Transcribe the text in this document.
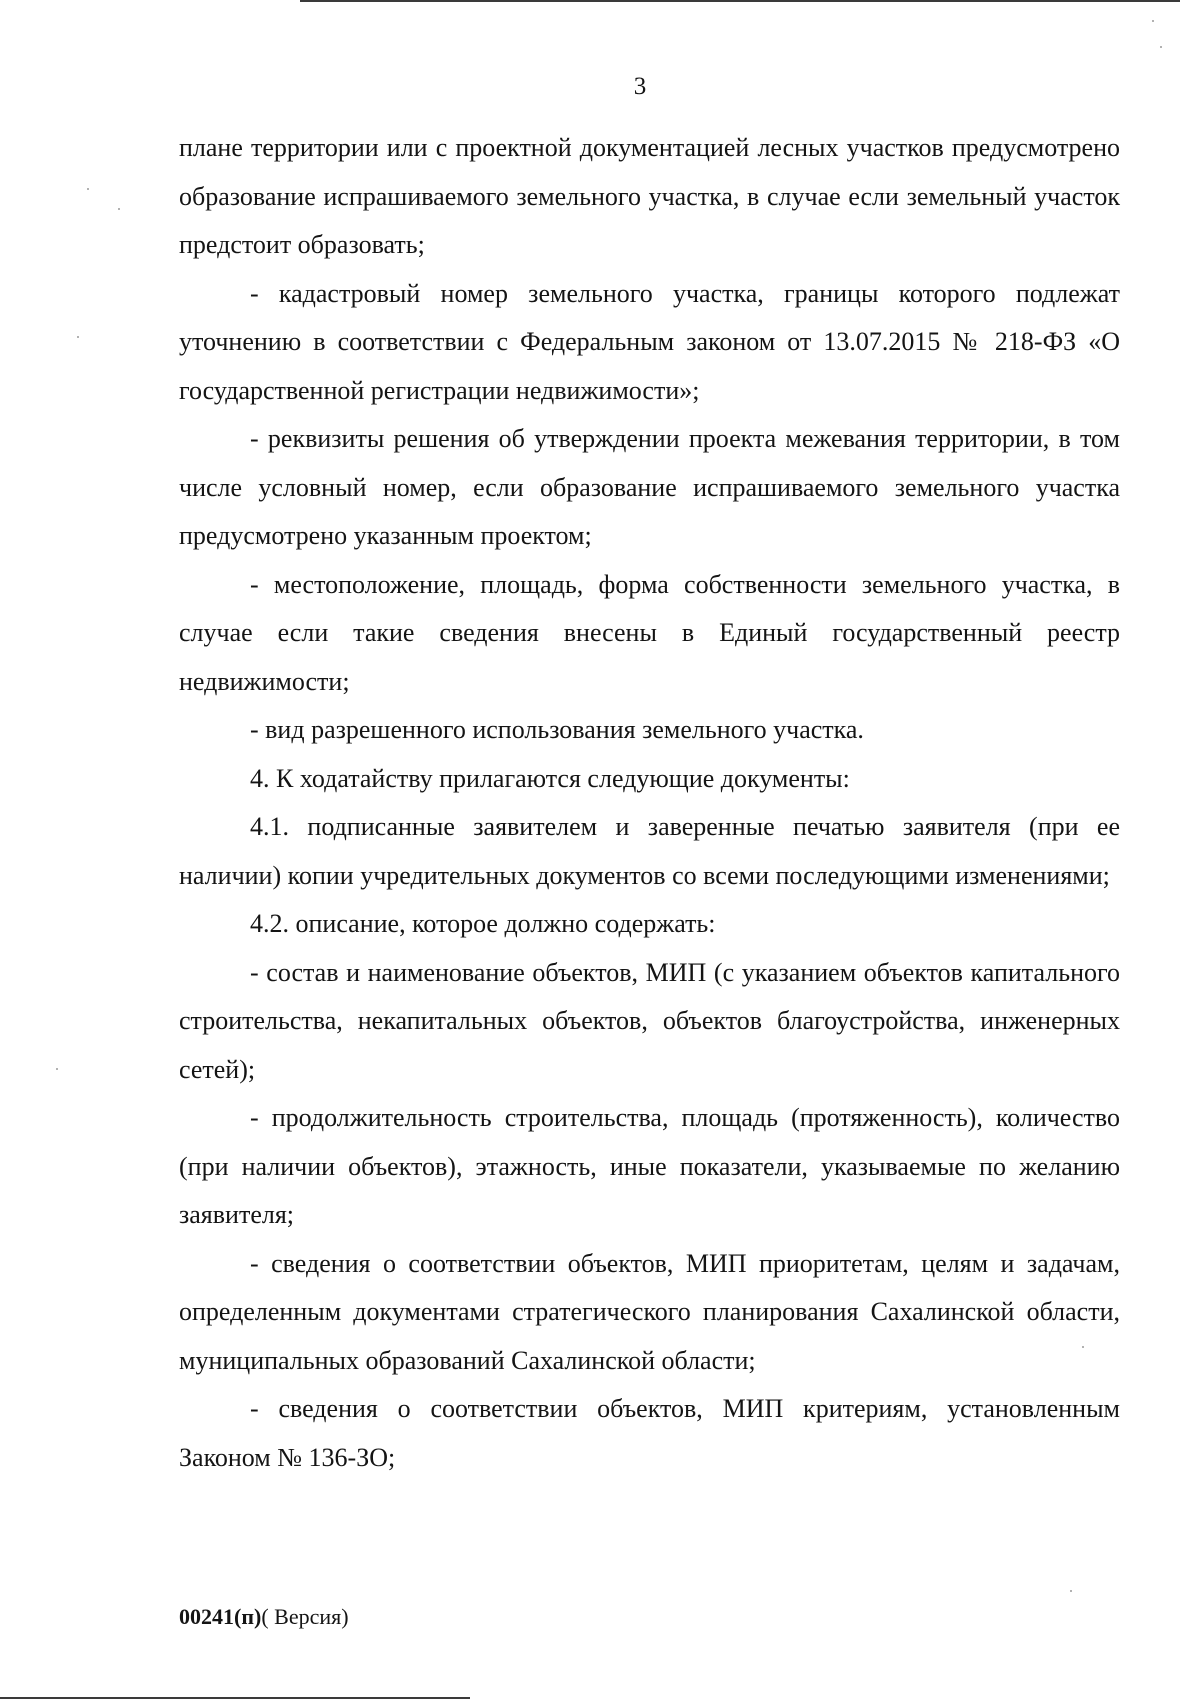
3

плане территории или с проектной документацией лесных участков предусмотрено образование испрашиваемого земельного участка, в случае если земельный участок предстоит образовать;

- кадастровый номер земельного участка, границы которого подлежат уточнению в соответствии с Федеральным законом от 13.07.2015 № 218-ФЗ «О государственной регистрации недвижимости»;

- реквизиты решения об утверждении проекта межевания территории, в том числе условный номер, если образование испрашиваемого земельного участка предусмотрено указанным проектом;

- местоположение, площадь, форма собственности земельного участка, в случае если такие сведения внесены в Единый государственный реестр недвижимости;

- вид разрешенного использования земельного участка.

4. К ходатайству прилагаются следующие документы:

4.1. подписанные заявителем и заверенные печатью заявителя (при ее наличии) копии учредительных документов со всеми последующими изменениями;

4.2. описание, которое должно содержать:

- состав и наименование объектов, МИП (с указанием объектов капитального строительства, некапитальных объектов, объектов благоустройства, инженерных сетей);

- продолжительность строительства, площадь (протяженность), количество (при наличии объектов), этажность, иные показатели, указываемые по желанию заявителя;

- сведения о соответствии объектов, МИП приоритетам, целям и задачам, определенным документами стратегического планирования Сахалинской области, муниципальных образований Сахалинской области;

- сведения о соответствии объектов, МИП критериям, установленным Законом № 136-ЗО;

00241(п)( Версия)
